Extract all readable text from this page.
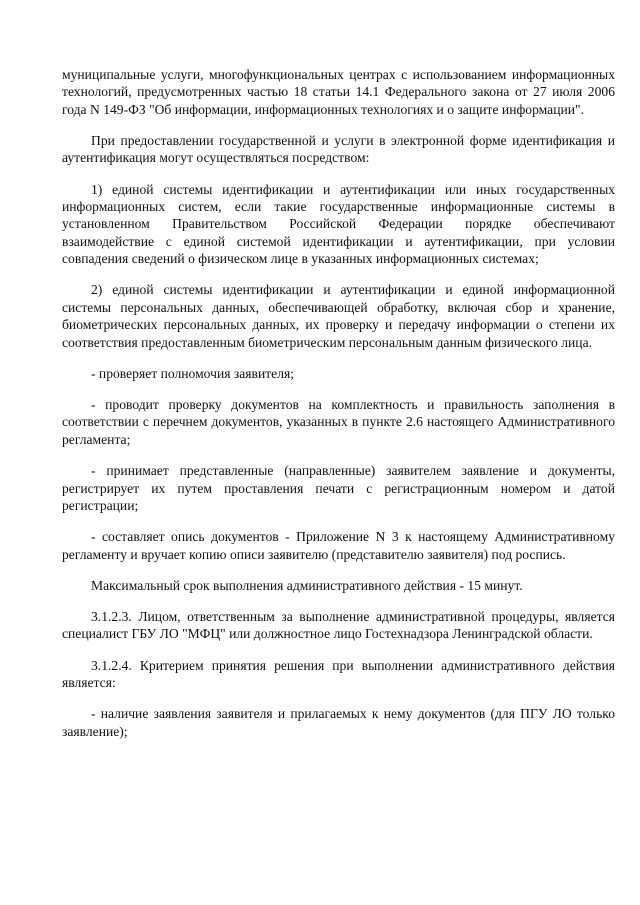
муниципальные услуги, многофункциональных центрах с использованием информационных технологий, предусмотренных частью 18 статьи 14.1 Федерального закона от 27 июля 2006 года N 149-ФЗ "Об информации, информационных технологиях и о защите информации".

При предоставлении государственной и услуги в электронной форме идентификация и аутентификация могут осуществляться посредством:

1) единой системы идентификации и аутентификации или иных государственных информационных систем, если такие государственные информационные системы в установленном Правительством Российской Федерации порядке обеспечивают взаимодействие с единой системой идентификации и аутентификации, при условии совпадения сведений о физическом лице в указанных информационных системах;

2) единой системы идентификации и аутентификации и единой информационной системы персональных данных, обеспечивающей обработку, включая сбор и хранение, биометрических персональных данных, их проверку и передачу информации о степени их соответствия предоставленным биометрическим персональным данным физического лица.

- проверяет полномочия заявителя;

- проводит проверку документов на комплектность и правильность заполнения в соответствии с перечнем документов, указанных в пункте 2.6 настоящего Административного регламента;

- принимает представленные (направленные) заявителем заявление и документы, регистрирует их путем проставления печати с регистрационным номером и датой регистрации;

- составляет опись документов - Приложение N 3 к настоящему Административному регламенту и вручает копию описи заявителю (представителю заявителя) под роспись.

Максимальный срок выполнения административного действия - 15 минут.

3.1.2.3. Лицом, ответственным за выполнение административной процедуры, является специалист ГБУ ЛО "МФЦ" или должностное лицо Гостехнадзора Ленинградской области.

3.1.2.4. Критерием принятия решения при выполнении административного действия является:

- наличие заявления заявителя и прилагаемых к нему документов (для ПГУ ЛО только заявление);
